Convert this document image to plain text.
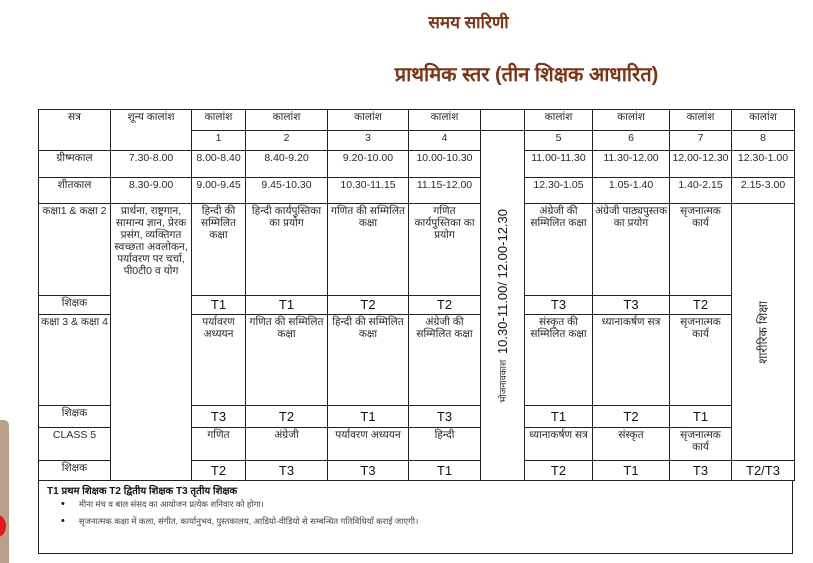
समय सारिणी
प्राथमिक स्तर (तीन शिक्षक आधारित)
सत्र	शून्य कालांश	कालांश	कालांश	कालांश	कालांश		कालांश	कालांश	कालांश	कालांश
		1	2	3	4	भोजनावकाश  10.30-11.00/ 12.00-12.30	5	6	7	8
ग्रीष्मकाल	7.30-8.00	8.00-8.40	8.40-9.20	9.20-10.00	10.00-10.30		11.00-11.30	11.30-12.00	12.00-12.30	12.30-1.00
शीतकाल	8.30-9.00	9.00-9.45	9.45-10.30	10.30-11.15	11.15-12.00		12.30-1.05	1.05-1.40	1.40-2.15	2.15-3.00
कक्षा1 & कक्षा 2	प्रार्थना, राष्ट्रगान, सामान्य ज्ञान, प्रेरक प्रसंग, व्यक्तिगत स्वच्छता अवलोकन, पर्यावरण पर चर्चा, पी0टी0 व योग	हिन्दी की सम्मिलित कक्षा	हिन्दी कार्यपुस्तिका का प्रयोग	गणित की सम्मिलित कक्षा	गणित कार्यपुस्तिका का प्रयोग		अंग्रेजी की सम्मिलित कक्षा	अंग्रेजी पाठ्यपुस्तक का प्रयोग	सृजनात्मक कार्य	शारीरिक शिक्षा

शिक्षक		T1	T1	T2	T2		T3	T3	T2	
कक्षा 3 & कक्षा 4		पर्यावरण अध्ययन	गणित की सम्मिलित कक्षा	हिन्दी की सम्मिलित कक्षा	अंग्रेजी की सम्मिलित कक्षा		संस्कृत की सम्मिलित कक्षा	ध्यानाकर्षण सत्र	सृजनात्मक कार्य	
शिक्षक		T3	T2	T1	T3		T1	T2	T1	
CLASS 5		गणित	अंग्रेजी	पर्यावरण अध्ययन	हिन्दी		ध्यानाकर्षण सत्र	संस्कृत	सृजनात्मक कार्य	
शिक्षक		T2	T3	T3	T1		T2	T1	T3	T2/T3
T1 प्रथम शिक्षक T2 द्वितीय शिक्षक T3 तृतीय शिक्षक
• मीना मंच व बाल संसद का आयोजन प्रत्येक शनिवार को होगा।
• सृजनात्मक कक्षा में कला, संगीत, कार्यानुभव, पुस्तकालय, आडियो-वीडियो से सम्बन्धित गतिविधियाँ कराई जाएगी।
